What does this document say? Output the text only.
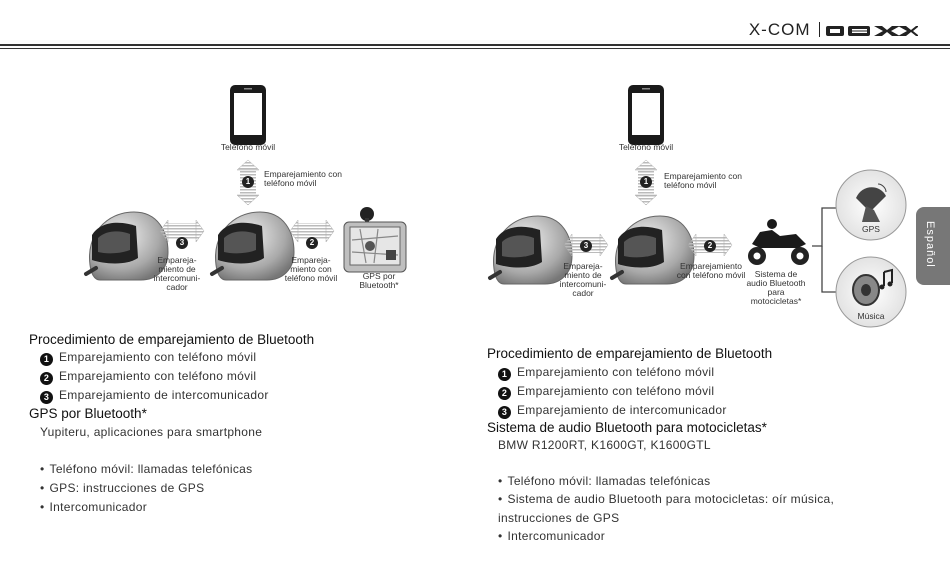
X-COM
Español
Teléfono móvil
1
Emparejamiento con teléfono móvil
3
Empareja-miento de intercomuni-cador
2
Empareja-miento con teléfono móvil	GPS por Bluetooth*
Teléfono móvil
1
Emparejamiento con teléfono móvil
3
Empareja-miento de intercomuni-cador
2
Emparejamiento con teléfono móvil	Sistema de audio Bluetooth para motocicletas*
GPS
Música
Procedimiento de emparejamiento de Bluetooth
1 Emparejamiento con teléfono móvil
2 Emparejamiento con teléfono móvil
3 Emparejamiento de intercomunicador
GPS por Bluetooth*
Yupiteru, aplicaciones para smartphone
• Teléfono móvil: llamadas telefónicas
• GPS: instrucciones de GPS
• Intercomunicador
Procedimiento de emparejamiento de Bluetooth
1 Emparejamiento con teléfono móvil
2 Emparejamiento con teléfono móvil
3 Emparejamiento de intercomunicador
Sistema de audio Bluetooth para motocicletas*
BMW R1200RT, K1600GT, K1600GTL
• Teléfono móvil: llamadas telefónicas
• Sistema de audio Bluetooth para motocicletas: oír música, instrucciones de GPS
• Intercomunicador
